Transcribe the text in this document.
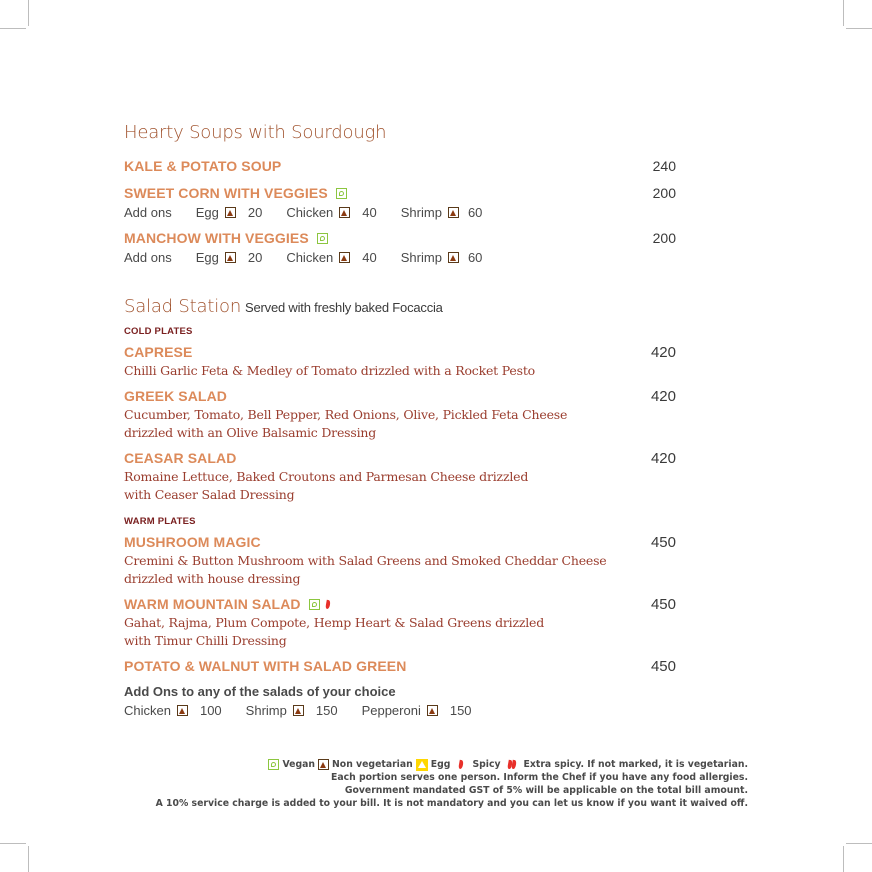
Hearty Soups with Sourdough
KALE & POTATO SOUP	240
SWEET CORN WITH VEGGIES	200
Add ons Egg 20 Chicken 40 Shrimp 60
MANCHOW WITH VEGGIES	200
Add ons Egg 20 Chicken 40 Shrimp 60
Salad Station Served with freshly baked Focaccia
COLD PLATES
CAPRESE	420
Chilli Garlic Feta & Medley of Tomato drizzled with a Rocket Pesto
GREEK SALAD	420
Cucumber, Tomato, Bell Pepper, Red Onions, Olive, Pickled Feta Cheese
drizzled with an Olive Balsamic Dressing
CEASAR SALAD	420
Romaine Lettuce, Baked Croutons and Parmesan Cheese drizzled
with Ceaser Salad Dressing
WARM PLATES
MUSHROOM MAGIC	450
Cremini & Button Mushroom with Salad Greens and Smoked Cheddar Cheese
drizzled with house dressing
WARM MOUNTAIN SALAD	450
Gahat, Rajma, Plum Compote, Hemp Heart & Salad Greens drizzled
with Timur Chilli Dressing
POTATO & WALNUT WITH SALAD GREEN	450
Add Ons to any of the salads of your choice
Chicken 100 Shrimp 150 Pepperoni 150
Vegan Non vegetarian Egg Spicy Extra spicy. If not marked, it is vegetarian.
Each portion serves one person. Inform the Chef if you have any food allergies.
Government mandated GST of 5% will be applicable on the total bill amount.
A 10% service charge is added to your bill. It is not mandatory and you can let us know if you want it waived off.
